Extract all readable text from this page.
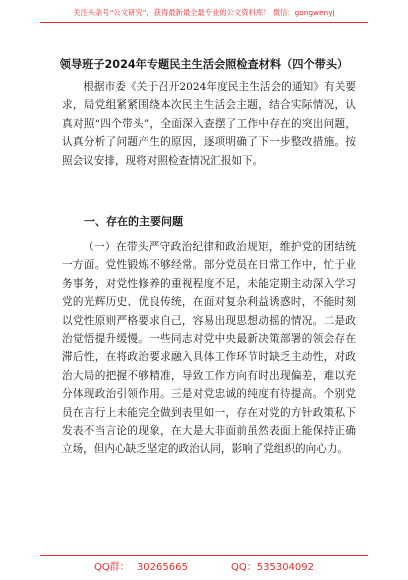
关注头条号“公文研究”，获得最新最全最专业的公文资料库！ 微信：gongwenyj
领导班子2024年专题民主生活会照检查材料（四个带头）

根据市委《关于召开2024年度民主生活会的通知》有关要求，局党组紧紧围绕本次民主生活会主题，结合实际情况，认真对照“四个带头”，全面深入查摆了工作中存在的突出问题，认真分析了问题产生的原因，逐项明确了下一步整改措施。按照会议安排，现将对照检查情况汇报如下。

一、存在的主要问题

（一）在带头严守政治纪律和政治规矩，维护党的团结统一方面。党性锻炼不够经常。部分党员在日常工作中，忙于业务事务，对党性修养的重视程度不足，未能定期主动深入学习党的光辉历史、优良传统，在面对复杂利益诱惑时，不能时刻以党性原则严格要求自己，容易出现思想动摇的情况。二是政治觉悟提升缓慢。一些同志对党中央最新决策部署的领会存在滞后性，在将政治要求融入具体工作环节时缺乏主动性，对政治大局的把握不够精准，导致工作方向有时出现偏差，难以充分体现政治引领作用。三是对党忠诚的纯度有待提高。个别党员在言行上未能完全做到表里如一，存在对党的方针政策私下发表不当言论的现象，在大是大非面前虽然表面上能保持正确立场，但内心缺乏坚定的政治认同，影响了党组织的向心力。

QQ群： 30265665	QQ：535304092
